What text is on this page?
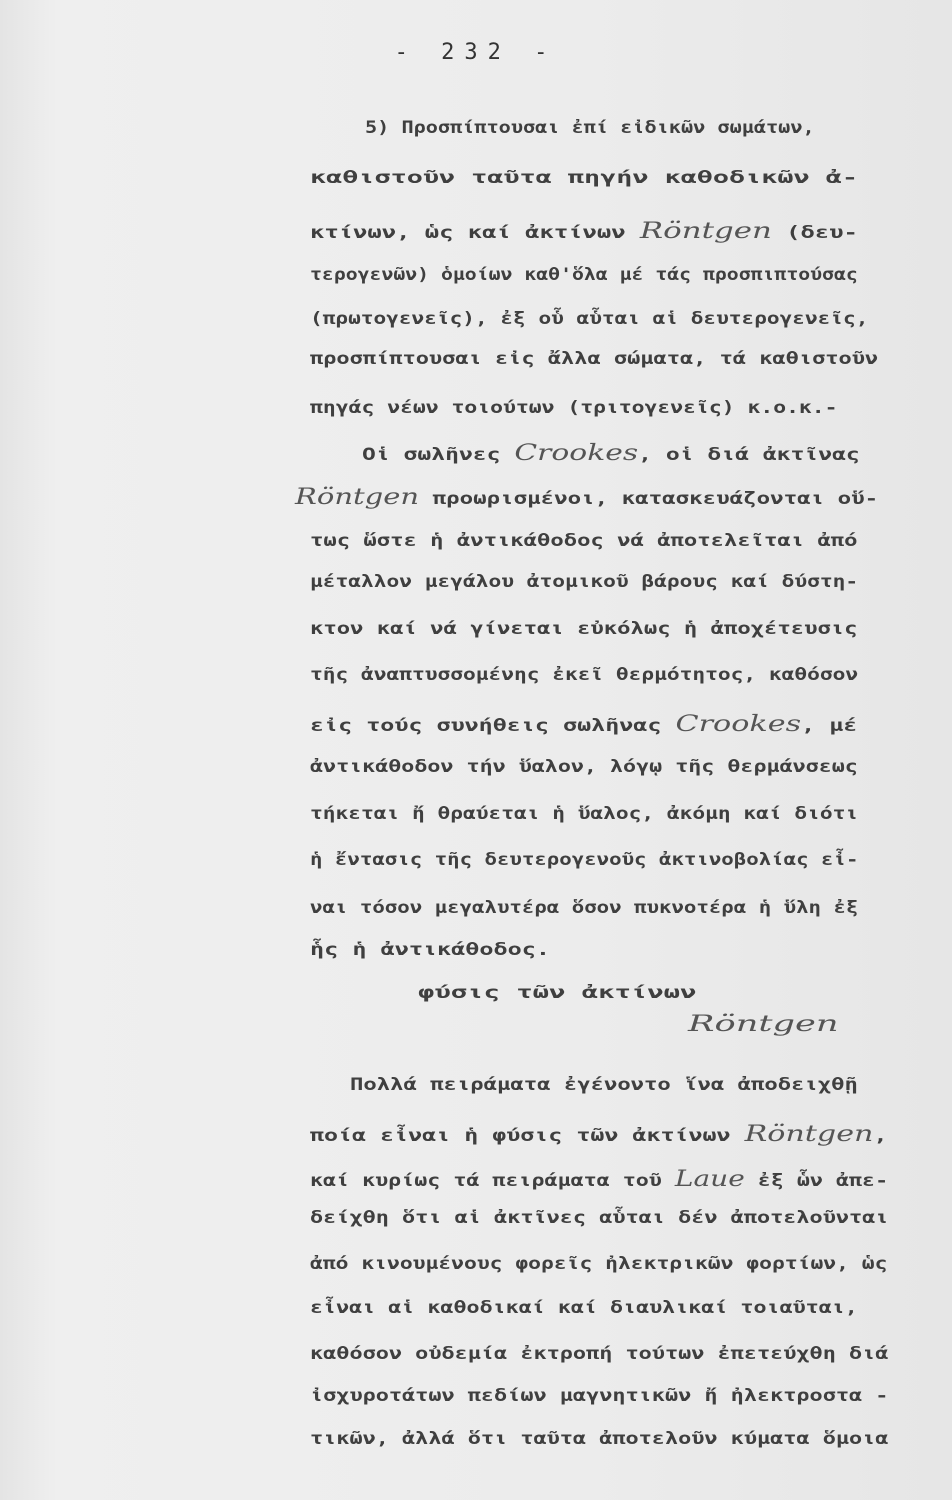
- 232 -
5) Προσπίπτουσαι ἐπί εἰδικῶν σωμάτων,
καθιστοῦν ταῦτα πηγήν καθοδικῶν ἀ-
κτίνων, ὡς καί ἀκτίνων Röntgen (δευ-
τερογενῶν) ὁμοίων καθ'ὅλα μέ τάς προσπιπτούσας
(πρωτογενεῖς), ἐξ οὗ αὗται αἱ δευτερογενεῖς,
προσπίπτουσαι εἰς ἄλλα σώματα, τά καθιστοῦν
πηγάς νέων τοιούτων (τριτογενεῖς) κ.ο.κ.-
Οἱ σωλῆνες Crookes, οἱ διά ἀκτῖνας
Röntgen προωρισμένοι, κατασκευάζονται οὕ-
τως ὥστε ἡ ἀντικάθοδος νά ἀποτελεῖται ἀπό
μέταλλον μεγάλου ἀτομικοῦ βάρους καί δύστη-
κτον καί νά γίνεται εὐκόλως ἡ ἀποχέτευσις
τῆς ἀναπτυσσομένης ἐκεῖ θερμότητος, καθόσον
εἰς τούς συνήθεις σωλῆνας Crookes, μέ
ἀντικάθοδον τήν ὕαλον, λόγῳ τῆς θερμάνσεως
τήκεται ἤ θραύεται ἡ ὕαλος, ἀκόμη καί διότι
ἡ ἔντασις τῆς δευτερογενοῦς ἀκτινοβολίας εἶ-
ναι τόσον μεγαλυτέρα ὅσον πυκνοτέρα ἡ ὕλη ἐξ
ἧς ἡ ἀντικάθοδος.
φύσις τῶν ἀκτίνων
Röntgen
Πολλά πειράματα ἐγένοντο ἵνα ἀποδειχθῇ
ποία εἶναι ἡ φύσις τῶν ἀκτίνων Röntgen,
καί κυρίως τά πειράματα τοῦ Laue ἐξ ὧν ἀπε-
δείχθη ὅτι αἱ ἀκτῖνες αὗται δέν ἀποτελοῦνται
ἀπό κινουμένους φορεῖς ἠλεκτρικῶν φορτίων, ὡς
εἶναι αἱ καθοδικαί καί διαυλικαί τοιαῦται,
καθόσον οὐδεμία ἐκτροπή τούτων ἐπετεύχθη διά
ἰσχυροτάτων πεδίων μαγνητικῶν ἤ ἠλεκτροστα -
τικῶν, ἀλλά ὅτι ταῦτα ἀποτελοῦν κύματα ὅμοια
